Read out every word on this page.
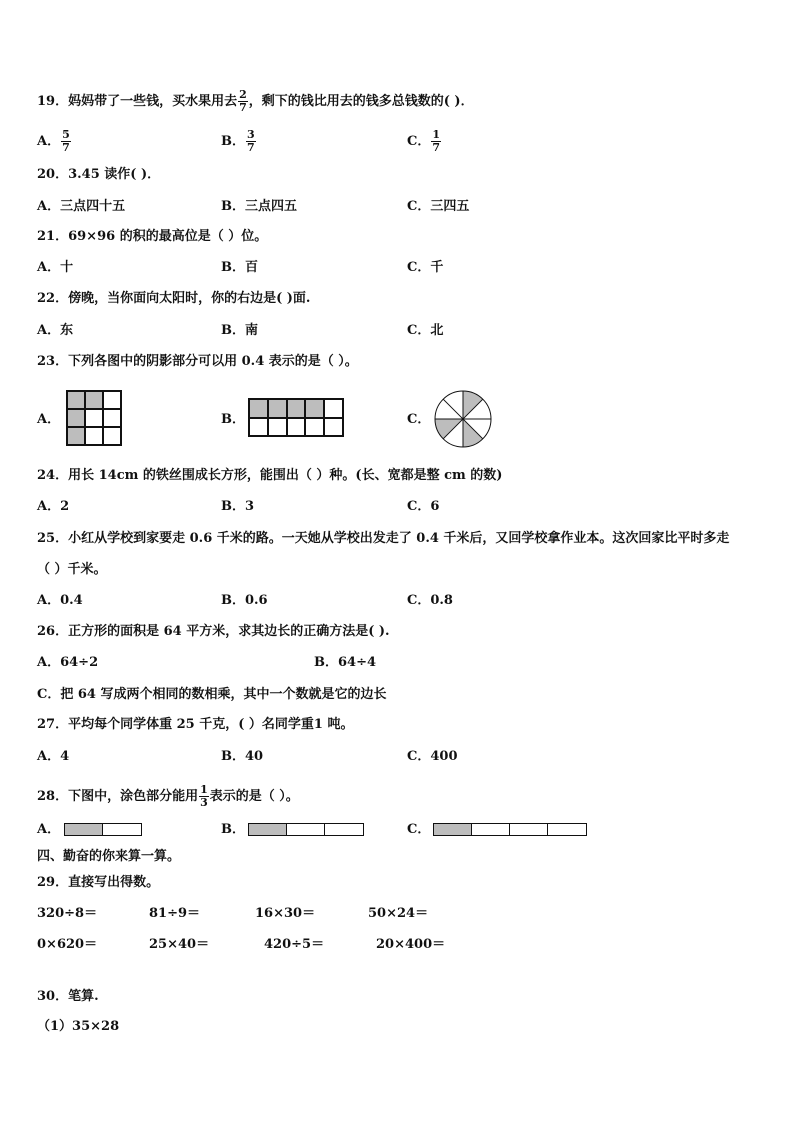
19．妈妈带了一些钱，买水果用去 $\frac{2}{7}$ ，剩下的钱比用去的钱多总钱数的( )．
A． $\frac{5}{7}$	B． $\frac{3}{7}$	C． $\frac{1}{7}$
20．3.45 读作( )．
A．三点四十五	B．三点四五	C．三四五
21．69×96 的积的最高位是（ ）位。
A．十	B．百	C．千
22．傍晚，当你面向太阳时，你的右边是( )面.
A．东	B．南	C．北
23．下列各图中的阴影部分可以用 0.4 表示的是（ ）。
A．	B．	C．
24．用长 14cm 的铁丝围成长方形，能围出（ ）种。(长、宽都是整 cm 的数)
A．2	B．3	C．6
25．小红从学校到家要走 0.6 千米的路。一天她从学校出发走了 0.4 千米后，又回学校拿作业本。这次回家比平时多走
（ ）千米。
A．0.4	B．0.6	C．0.8
26．正方形的面积是 64 平方米，求其边长的正确方法是( ).
A．64÷2	B．64÷4
C．把 64 写成两个相同的数相乘，其中一个数就是它的边长
27．平均每个同学体重 25 千克，( ）名同学重1 吨。
A．4	B．40	C．400
28．下图中，涂色部分能用 $\frac{1}{3}$ 表示的是（ ）。
A．	B．	C．
四、勤奋的你来算一算。
29．直接写出得数。
320÷8＝	81÷9＝	16×30＝	50×24＝
0×620＝	25×40＝	420÷5＝	20×400＝
30．笔算.
（1）35×28
